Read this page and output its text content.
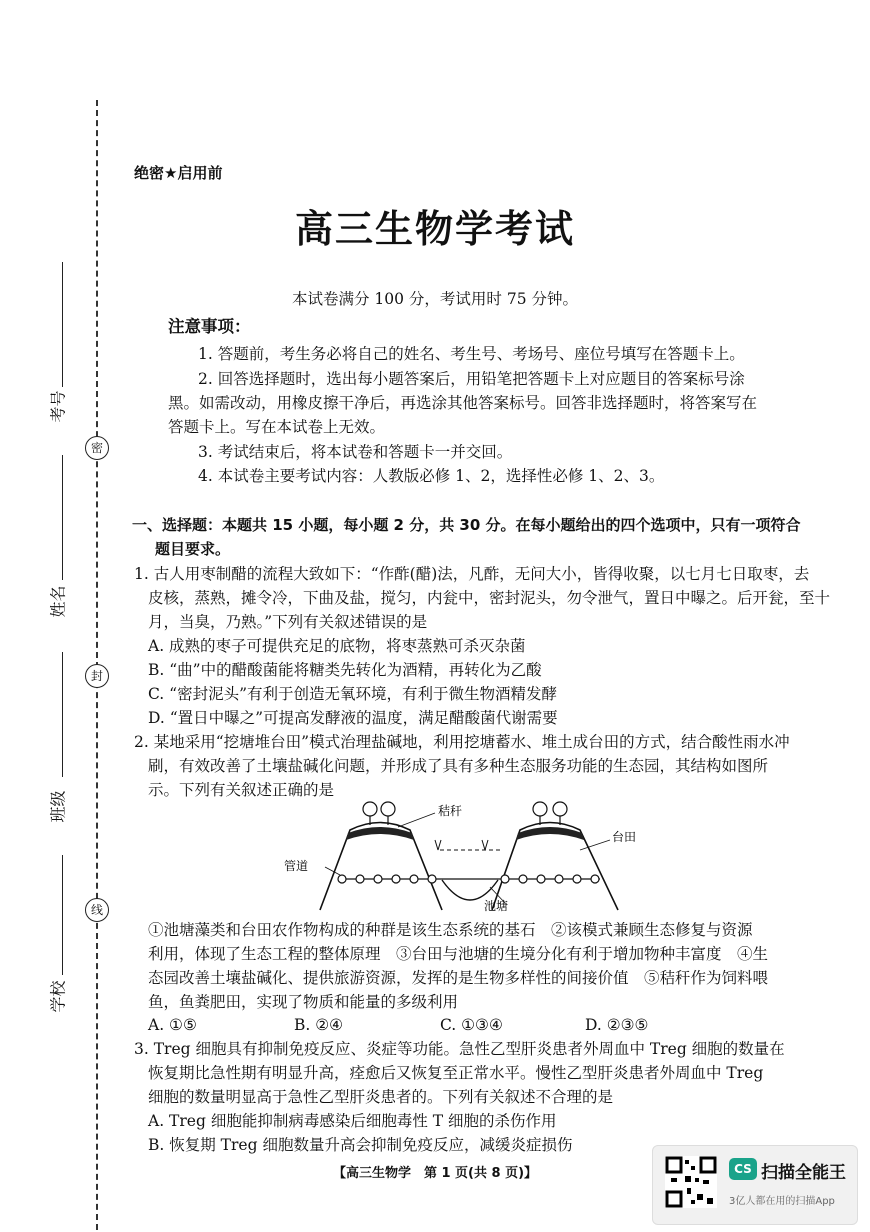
考号
姓名
班级
学校
密
封
线
绝密★启用前
高三生物学考试
本试卷满分 100 分，考试用时 75 分钟。
注意事项：
1. 答题前，考生务必将自己的姓名、考生号、考场号、座位号填写在答题卡上。
2. 回答选择题时，选出每小题答案后，用铅笔把答题卡上对应题目的答案标号涂
黑。如需改动，用橡皮擦干净后，再选涂其他答案标号。回答非选择题时，将答案写在
答题卡上。写在本试卷上无效。
3. 考试结束后，将本试卷和答题卡一并交回。
4. 本试卷主要考试内容：人教版必修 1、2，选择性必修 1、2、3。
一、选择题：本题共 15 小题，每小题 2 分，共 30 分。在每小题给出的四个选项中，只有一项符合
题目要求。
1. 古人用枣制醋的流程大致如下：“作酢(醋)法，凡酢，无问大小，皆得收聚，以七月七日取枣，去
皮核，蒸熟，摊令冷，下曲及盐，搅匀，内瓮中，密封泥头，勿令泄气，置日中曝之。后开瓮，至十
月，当臭，乃熟。”下列有关叙述错误的是
A. 成熟的枣子可提供充足的底物，将枣蒸熟可杀灭杂菌
B. “曲”中的醋酸菌能将糖类先转化为酒精，再转化为乙酸
C. “密封泥头”有利于创造无氧环境，有利于微生物酒精发酵
D. “置日中曝之”可提高发酵液的温度，满足醋酸菌代谢需要
2. 某地采用“挖塘堆台田”模式治理盐碱地，利用挖塘蓄水、堆土成台田的方式，结合酸性雨水冲
刷，有效改善了土壤盐碱化问题，并形成了具有多种生态服务功能的生态园，其结构如图所
示。下列有关叙述正确的是
秸秆
台田
管道
池塘
①池塘藻类和台田农作物构成的种群是该生态系统的基石　②该模式兼顾生态修复与资源
利用，体现了生态工程的整体原理　③台田与池塘的生境分化有利于增加物种丰富度　④生
态园改善土壤盐碱化、提供旅游资源，发挥的是生物多样性的间接价值　⑤秸秆作为饲料喂
鱼，鱼粪肥田，实现了物质和能量的多级利用
A. ①⑤	B. ②④	C. ①③④	D. ②③⑤
3. Treg 细胞具有抑制免疫反应、炎症等功能。急性乙型肝炎患者外周血中 Treg 细胞的数量在
恢复期比急性期有明显升高，痊愈后又恢复至正常水平。慢性乙型肝炎患者外周血中 Treg
细胞的数量明显高于急性乙型肝炎患者的。下列有关叙述不合理的是
A. Treg 细胞能抑制病毒感染后细胞毒性 T 细胞的杀伤作用
B. 恢复期 Treg 细胞数量升高会抑制免疫反应，减缓炎症损伤
【高三生物学　第 1 页(共 8 页)】	CS 扫描全能王
3亿人都在用的扫描App
